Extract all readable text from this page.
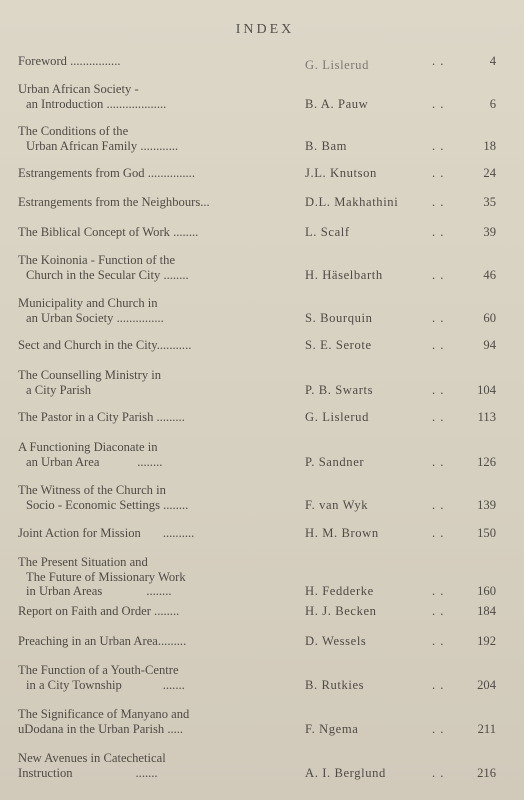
INDEX
Foreword ................	G. Lislerud	. .	4
Urban African Society -
an Introduction ...................	B. A. Pauw	. .	6
The Conditions of the
Urban African Family ............	B. Bam	. .	18
Estrangements from God ...............	J.L. Knutson	. .	24
Estrangements from the Neighbours...	D.L. Makhathini	. .	35
The Biblical Concept of Work ........	L. Scalf	. .	39
The Koinonia - Function of the
Church in the Secular City ........	H. Häselbarth	. .	46
Municipality and Church in
an Urban Society ...............	S. Bourquin	. .	60
Sect and Church in the City...........	S. E. Serote	. .	94
The Counselling Ministry in
a City Parish	P. B. Swarts	. .	104
The Pastor in a City Parish .........	G. Lislerud	. .	113
A Functioning Diaconate in
an Urban Area            ........	P. Sandner	. .	126
The Witness of the Church in
Socio - Economic Settings ........	F. van Wyk	. .	139
Joint Action for Mission       ..........	H. M. Brown	. .	150
The Present Situation and
The Future of Missionary Work
in Urban Areas              ........	H. Fedderke	. .	160
Report on Faith and Order ........	H. J. Becken	. .	184
Preaching in an Urban Area.........	D. Wessels	. .	192
The Function of a Youth-Centre
in a City Township             .......	B. Rutkies	. .	204
The Significance of Manyano and
uDodana in the Urban Parish .....	F. Ngema	. .	211
New Avenues in Catechetical
Instruction                    .......	A. I. Berglund	. .	216
